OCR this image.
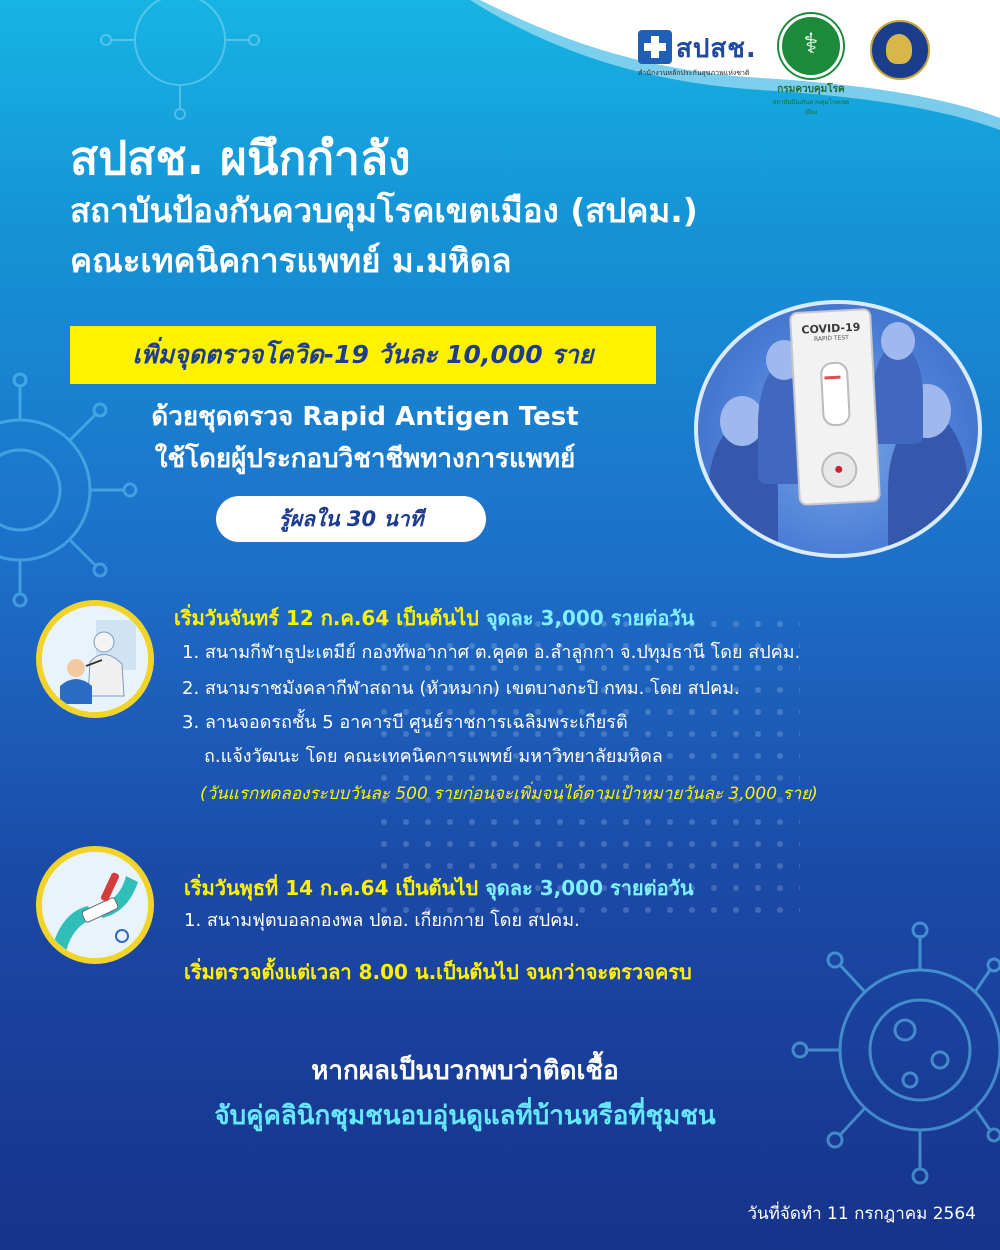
สปสช.
สำนักงานหลักประกันสุขภาพแห่งชาติ
⚕
กรมควบคุมโรค
สถาบันป้องกันควบคุมโรคเขตเมือง
สปสช. ผนึกกำลัง
สถาบันป้องกันควบคุมโรคเขตเมือง (สปคม.)
คณะเทคนิคการแพทย์ ม.มหิดล
เพิ่มจุดตรวจโควิด-19 วันละ 10,000 ราย
ด้วยชุดตรวจ Rapid Antigen Test
ใช้โดยผู้ประกอบวิชาชีพทางการแพทย์
รู้ผลใน 30 นาที
COVID-19
RAPID TEST
เริ่มวันจันทร์ 12 ก.ค.64 เป็นต้นไป จุดละ 3,000 รายต่อวัน
1. สนามกีฬาธูปะเตมีย์ กองทัพอากาศ ต.คูคต อ.ลำลูกกา จ.ปทุมธานี โดย สปคม.
2. สนามราชมังคลากีฬาสถาน (หัวหมาก) เขตบางกะปิ กทม. โดย สปคม.
3. ลานจอดรถชั้น 5 อาคารบี ศูนย์ราชการเฉลิมพระเกียรติ
ถ.แจ้งวัฒนะ โดย คณะเทคนิคการแพทย์ มหาวิทยาลัยมหิดล
(วันแรกทดลองระบบวันละ 500 รายก่อนจะเพิ่มจนได้ตามเป้าหมายวันละ 3,000 ราย)
เริ่มวันพุธที่ 14 ก.ค.64 เป็นต้นไป จุดละ 3,000 รายต่อวัน
1. สนามฟุตบอลกองพล ปตอ. เกียกกาย โดย สปคม.
เริ่มตรวจตั้งแต่เวลา 8.00 น.เป็นต้นไป จนกว่าจะตรวจครบ
หากผลเป็นบวกพบว่าติดเชื้อ
จับคู่คลินิกชุมชนอบอุ่นดูแลที่บ้านหรือที่ชุมชน
วันที่จัดทำ 11 กรกฎาคม 2564
